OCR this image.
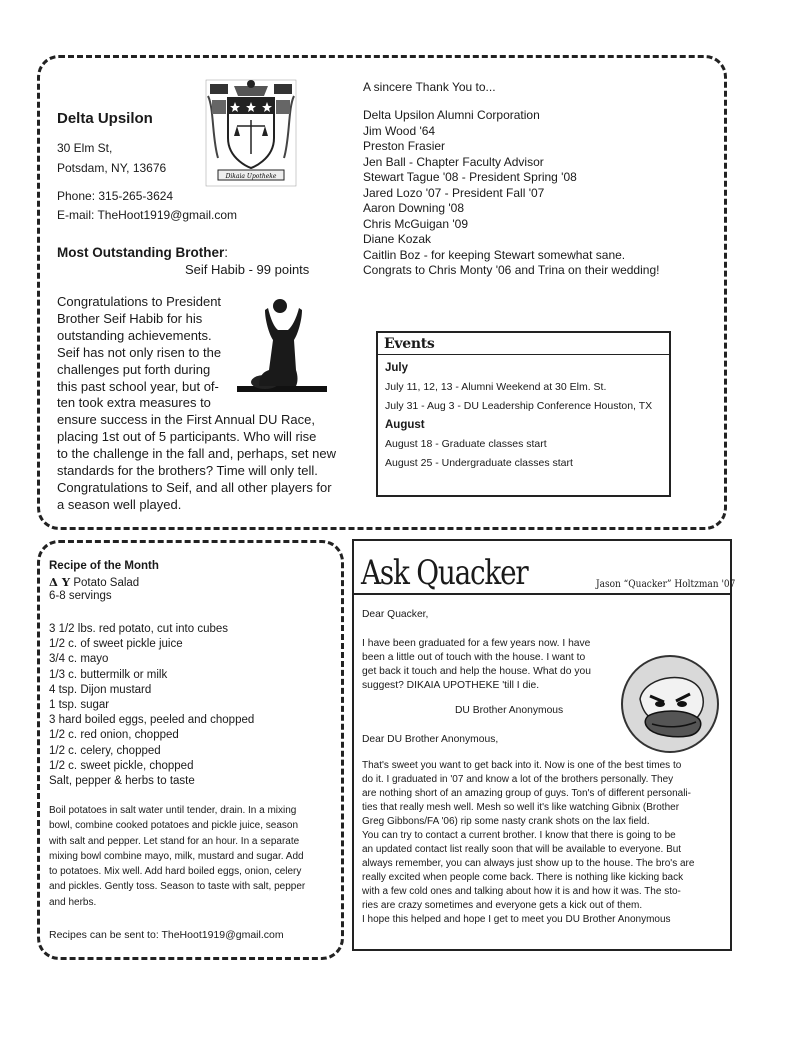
Dikaia Upotheke
Delta Upsilon
30 Elm St,
Potsdam, NY, 13676
Phone: 315-265-3624
E-mail: TheHoot1919@gmail.com
Most Outstanding Brother:
Seif Habib - 99 points
Congratulations to President
Brother Seif Habib for his
outstanding achievements.
Seif has not only risen to the
challenges put forth during
this past school year, but of-
ten took extra measures to
ensure success in the First Annual DU Race,
placing 1st out of 5 participants. Who will rise
to the challenge in the fall and, perhaps, set new
standards for the brothers? Time will only tell.
Congratulations to Seif, and all other players for
a season well played.
A sincere Thank You to...
Delta Upsilon Alumni Corporation
Jim Wood '64
Preston Frasier
Jen Ball - Chapter Faculty Advisor
Stewart Tague '08 - President Spring '08
Jared Lozo '07 - President Fall '07
Aaron Downing '08
Chris McGuigan '09
Diane Kozak
Caitlin Boz - for keeping Stewart somewhat sane.
Congrats to Chris Monty '06 and Trina on their wedding!
Events
July
July 11, 12, 13 - Alumni Weekend at 30 Elm. St.
July 31 - Aug 3 - DU Leadership Conference Houston, TX
August
August 18 - Graduate classes start
August 25 - Undergraduate classes start
Recipe of the Month
Δ Y Potato Salad
6-8 servings
3 1/2 lbs. red potato, cut into cubes
1/2 c. of sweet pickle juice
3/4 c. mayo
1/3 c. buttermilk or milk
4 tsp. Dijon mustard
1 tsp. sugar
3 hard boiled eggs, peeled and chopped
1/2 c. red onion, chopped
1/2 c. celery, chopped
1/2 c. sweet pickle, chopped
Salt, pepper & herbs to taste
Boil potatoes in salt water until tender, drain. In a mixing
bowl, combine cooked potatoes and pickle juice, season
with salt and pepper. Let stand for an hour. In a separate
mixing bowl combine mayo, milk, mustard and sugar. Add
to potatoes. Mix well. Add hard boiled eggs, onion, celery
and pickles. Gently toss. Season to taste with salt, pepper
and herbs.
Recipes can be sent to: TheHoot1919@gmail.com
Ask Quacker	Jason “Quacker” Holtzman '07
Dear Quacker,
I have been graduated for a few years now. I have
been a little out of touch with the house. I want to
get back it touch and help the house. What do you
suggest? DIKAIA UPOTHEKE 'till I die.
DU Brother Anonymous
Dear DU Brother Anonymous,
That's sweet you want to get back into it. Now is one of the best times to
do it. I graduated in '07 and know a lot of the brothers personally. They
are nothing short of an amazing group of guys. Ton's of different personali-
ties that really mesh well. Mesh so well it's like watching Gibnix (Brother
Greg Gibbons/FA '06) rip some nasty crank shots on the lax field.
You can try to contact a current brother. I know that there is going to be
an updated contact list really soon that will be available to everyone. But
always remember, you can always just show up to the house. The bro's are
really excited when people come back. There is nothing like kicking back
with a few cold ones and talking about how it is and how it was. The sto-
ries are crazy sometimes and everyone gets a kick out of them.
I hope this helped and hope I get to meet you DU Brother Anonymous
